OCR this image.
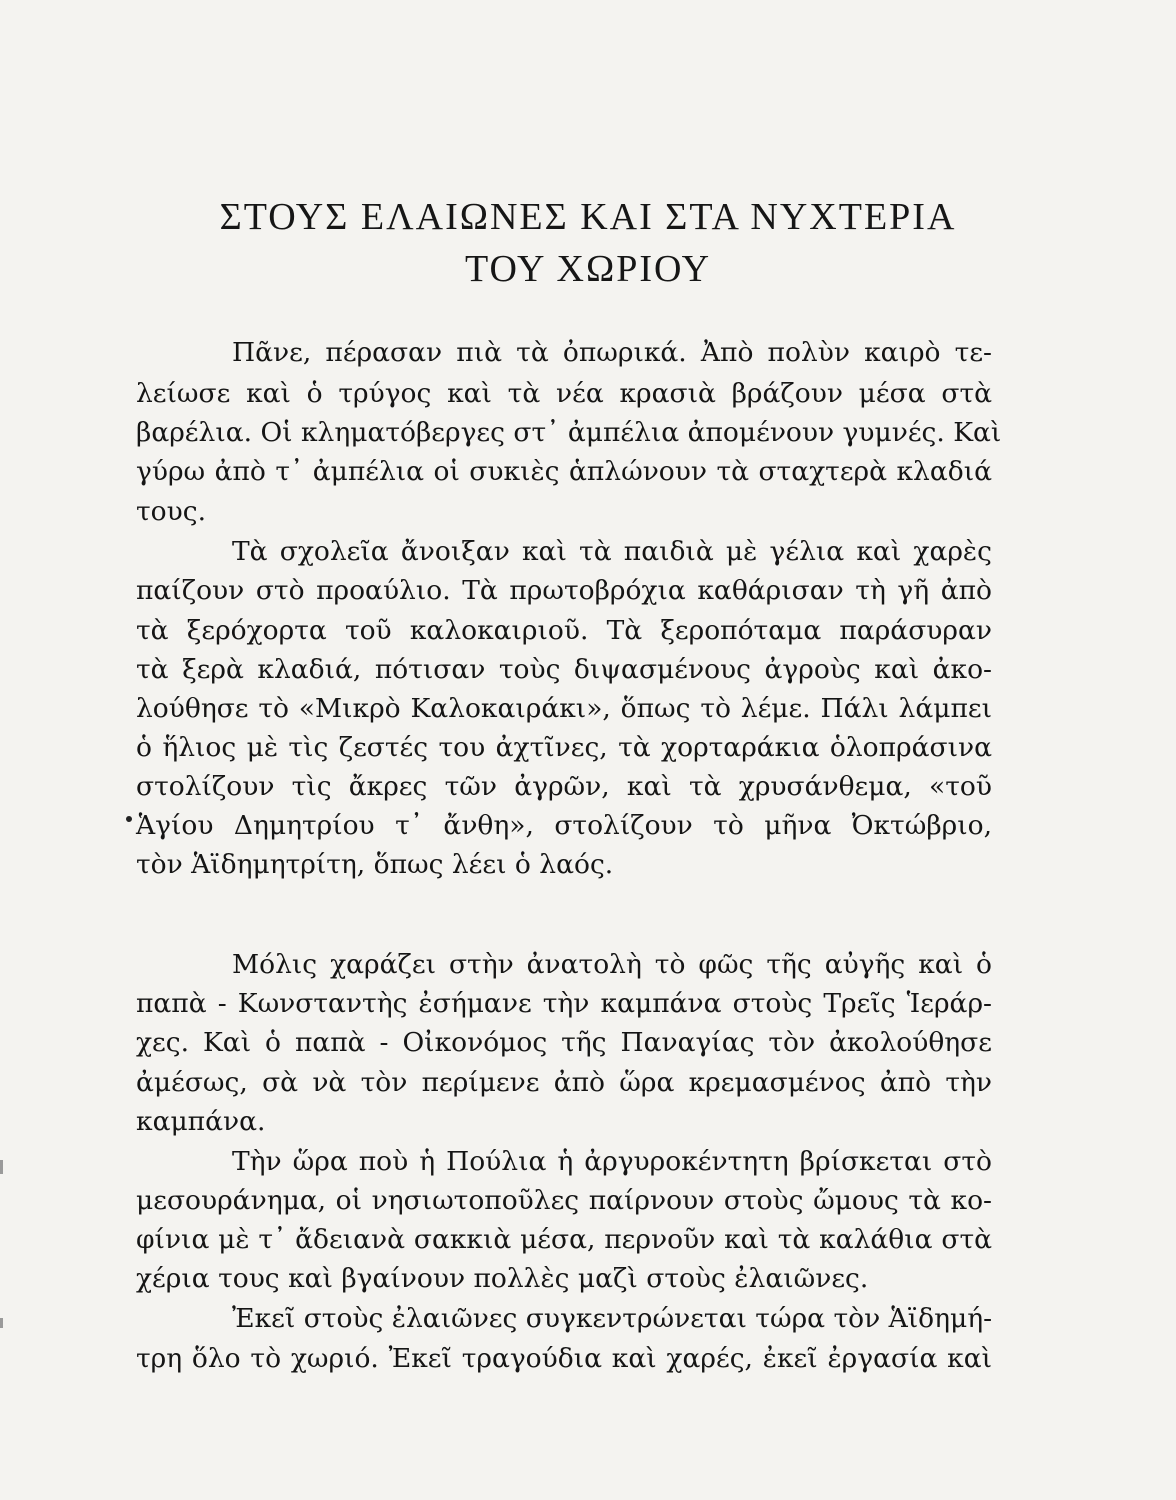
ΣΤΟΥΣ ΕΛΑΙΩΝΕΣ ΚΑΙ ΣΤΑ ΝΥΧΤΕΡΙΑ
ΤΟΥ ΧΩΡΙΟΥ
Πᾶνε, πέρασαν πιὰ τὰ ὀπωρικά. Ἀπὸ πολὺν καιρὸ τε-
λείωσε καὶ ὁ τρύγος καὶ τὰ νέα κρασιὰ βράζουν μέσα στὰ
βαρέλια. Οἱ κληματόβεργες στ᾽ ἀμπέλια ἀπομένουν γυμνές. Καὶ
γύρω ἀπὸ τ᾽ ἀμπέλια οἱ συκιὲς ἁπλώνουν τὰ σταχτερὰ κλαδιά
τους.
Τὰ σχολεῖα ἄνοιξαν καὶ τὰ παιδιὰ μὲ γέλια καὶ χαρὲς
παίζουν στὸ προαύλιο. Τὰ πρωτοβρόχια καθάρισαν τὴ γῆ ἀπὸ
τὰ ξερόχορτα τοῦ καλοκαιριοῦ. Τὰ ξεροπόταμα παράσυραν
τὰ ξερὰ κλαδιά, πότισαν τοὺς διψασμένους ἀγροὺς καὶ ἀκο-
λούθησε τὸ «Μικρὸ Καλοκαιράκι», ὅπως τὸ λέμε. Πάλι λάμπει
ὁ ἥλιος μὲ τὶς ζεστές του ἀχτῖνες, τὰ χορταράκια ὁλοπράσινα
στολίζουν τὶς ἄκρες τῶν ἀγρῶν, καὶ τὰ χρυσάνθεμα, «τοῦ
Ἁγίου Δημητρίου τ᾽ ἄνθη», στολίζουν τὸ μῆνα Ὀκτώβριο,
τὸν Ἁϊδημητρίτη, ὅπως λέει ὁ λαός.
Μόλις χαράζει στὴν ἀνατολὴ τὸ φῶς τῆς αὐγῆς καὶ ὁ
παπὰ - Κωνσταντὴς ἐσήμανε τὴν καμπάνα στοὺς Τρεῖς Ἱεράρ-
χες. Καὶ ὁ παπὰ - Οἰκονόμος τῆς Παναγίας τὸν ἀκολούθησε
ἀμέσως, σὰ νὰ τὸν περίμενε ἀπὸ ὥρα κρεμασμένος ἀπὸ τὴν
καμπάνα.
Τὴν ὥρα ποὺ ἡ Πούλια ἡ ἀργυροκέντητη βρίσκεται στὸ
μεσουράνημα, οἱ νησιωτοποῦλες παίρνουν στοὺς ὤμους τὰ κο-
φίνια μὲ τ᾽ ἄδειανὰ σακκιὰ μέσα, περνοῦν καὶ τὰ καλάθια στὰ
χέρια τους καὶ βγαίνουν πολλὲς μαζὶ στοὺς ἐλαιῶνες.
Ἐκεῖ στοὺς ἐλαιῶνες συγκεντρώνεται τώρα τὸν Ἁϊδημή-
τρη ὅλο τὸ χωριό. Ἐκεῖ τραγούδια καὶ χαρές, ἐκεῖ ἐργασία καὶ
